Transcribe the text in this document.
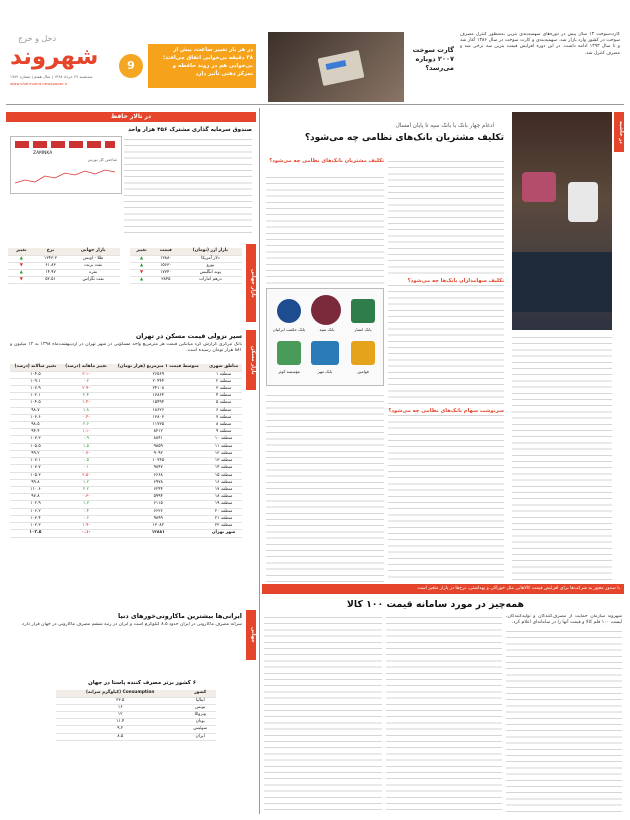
کارت‌سوخت ۱۳ سال پیش در دوره‌های سهمیه‌بندی بنزین به‌منظور کنترل مصرف سوخت در کشور وارد بازار شد. سهمیه‌بندی و کارت سوخت در سال ۱۳۸۶ آغاز شد و تا سال ۱۳۹۳ ادامه داشت. در این دوره افزایش قیمت بنزین سه نرخی شد و مصرف کنترل شد.
گارت سوخت ۲۰۰۷ دوباره می‌رسد؟
دخل و خرج
شهروند	9
در هر بار تغییر ساعت، بیش از
۳۸ دقیقه بی‌خوابی اتفاق می‌افتد؛
بی‌خوابی هم در روند حافظه و
تمرکز ذهنی تأثیر دارد
سه‌شنبه ۲۷ خرداد ۱۳۹۸ | سال هفتم | شماره ۱۷۸۴
www.shahrvand-newspaper.ir
در تالار حافظ
صندوق سرمایه گذاری مشترک ۴۵۶ هزار واحد
ZAMNKA
شاخص کل بورس
بازار جهانی
بازار ارز (تومان)	قیمت	تغییر
دلار آمریکا	۱۳۸۸۰	▲
یورو	۱۵۶۳۰	▲
پوند انگلیس	۱۷۷۴۰	▼
درهم امارات	۳۸۴۵	▲
بازار جهانی	نرخ	تغییر
طلا - اونس	۱۳۴۳.۳	▲
نفت برنت	۶۱.۸۳	▼
نقره	۱۴.۹۷	▲
نفت تگزاس	۵۲.۵۱	▼
بازار مسکن
سیر نزولی قیمت مسکن در تهران
بانک مرکزی گزارش کرد میانگین قیمت هر مترمربع واحد مسکونی در شهر تهران در اردیبهشت‌ماه ۱۳۹۸ به ۱۲ میلیون و ۸۸۱ هزار تومان رسیده است.
مناطق شهری	متوسط قیمت ۱ مترمربع (هزار تومان)	تغییر ماهانه (درصد)	تغییر سالانه (درصد)
منطقه ۱	۲۶۵۶۹	-۳.۱	۱۰۴.۵
منطقه ۲	۲۰۴۴۴	۰.۲	۱۰۹.۱
منطقه ۳	۲۴۱۰۸	-۲.۹	۱۰۷.۹
منطقه ۴	۱۳۸۶۴	۲.۴	۱۰۲.۱
منطقه ۵	۱۵۴۹۴	-۱.۴	۱۰۴.۵
منطقه ۶	۱۸۶۲۶	۱.۸	۹۸.۷
منطقه ۷	۱۳۸۰۳	-۰.۴	۱۰۳.۶
منطقه ۸	۱۱۷۳۵	۲.۶	۹۸.۵
منطقه ۹	۸۴۱۲	-۱.۱	۹۴.۴
منطقه ۱۰	۸۸۴۱	۰.۹	۱۰۷.۳
منطقه ۱۱	۹۸۵۹	۱.۵	۱۰۵.۵
منطقه ۱۲	۹۰۹۲	-۰.۷	۹۹.۲
منطقه ۱۳	۱۰۷۴۵	۰.۵	۱۰۷.۱
منطقه ۱۴	۹۸۴۷	۰.۱	۱۰۷.۷
منطقه ۱۵	۶۶۶۸	-۲.۵	۱۰۵.۳
منطقه ۱۶	۶۹۷۸	۱.۲	۹۹.۸
منطقه ۱۷	۶۲۴۴	۲.۲	۱۱۰.۶
منطقه ۱۸	۵۹۹۴	-۰.۳	۹۷.۸
منطقه ۱۹	۶۱۱۵	۱.۷	۱۰۲.۹
منطقه ۲۰	۶۶۲۶	۰.۴	۱۰۶.۲
منطقه ۲۱	۹۸۹۹	۰.۶	۱۰۳.۴
منطقه ۲۲	۱۳۰۸۲	-۱.۹	۱۰۲.۳
شهر تهران	۱۲۸۸۱	-۰.۱	۱۰۳.۵
جهانی
ایرانی‌ها بیشترین ماکارونی‌خورهای دنیا
سرانه مصرف ماکارونی در ایران حدود ۸.۵ کیلوگرم است و ایران در رتبه ششم مصرف ماکارونی در جهان قرار دارد.
۶ کشور برتر مصرف کننده پاستا در جهان
کشور	Consumption (کیلوگرم سرانه)
ایتالیا	۲۳.۵
تونس	۱۶
ونزوئلا	۱۲
یونان	۱۱.۴
سوئیس	۹.۲
ایران	۸.۵
در حاشیه
ادغام چهار بانک با بانک سپه تا پایان امسال
تکلیف مشتریان بانک‌های نظامی چه می‌شود؟
تکلیف مشتریان بانک‌های نظامی چه می‌شود؟
تکلیف سهامداران بانک‌ها چه می‌شود؟
سرنوشت سهام بانک‌های نظامی چه می‌شود؟
بانک سپه	بانک انصار
بانک حکمت ایرانیان
قوامین
بانک مهر
مؤسسه کوثر
با صدور مجوز به شرکت‌ها برای افزایش قیمت کالاهایی مثل خوراکی و بهداشتی، نرخ‌ها در بازار متغیر است
همه‌چیز در مورد سامانه قیمت ۱۰۰ کالا
شهروند سازمان حمایت از مصرف‌کنندگان و تولیدکنندگان، لیست ۱۰۰ قلم کالا و قیمت آنها را در سامانه‌ای اعلام کرد.
